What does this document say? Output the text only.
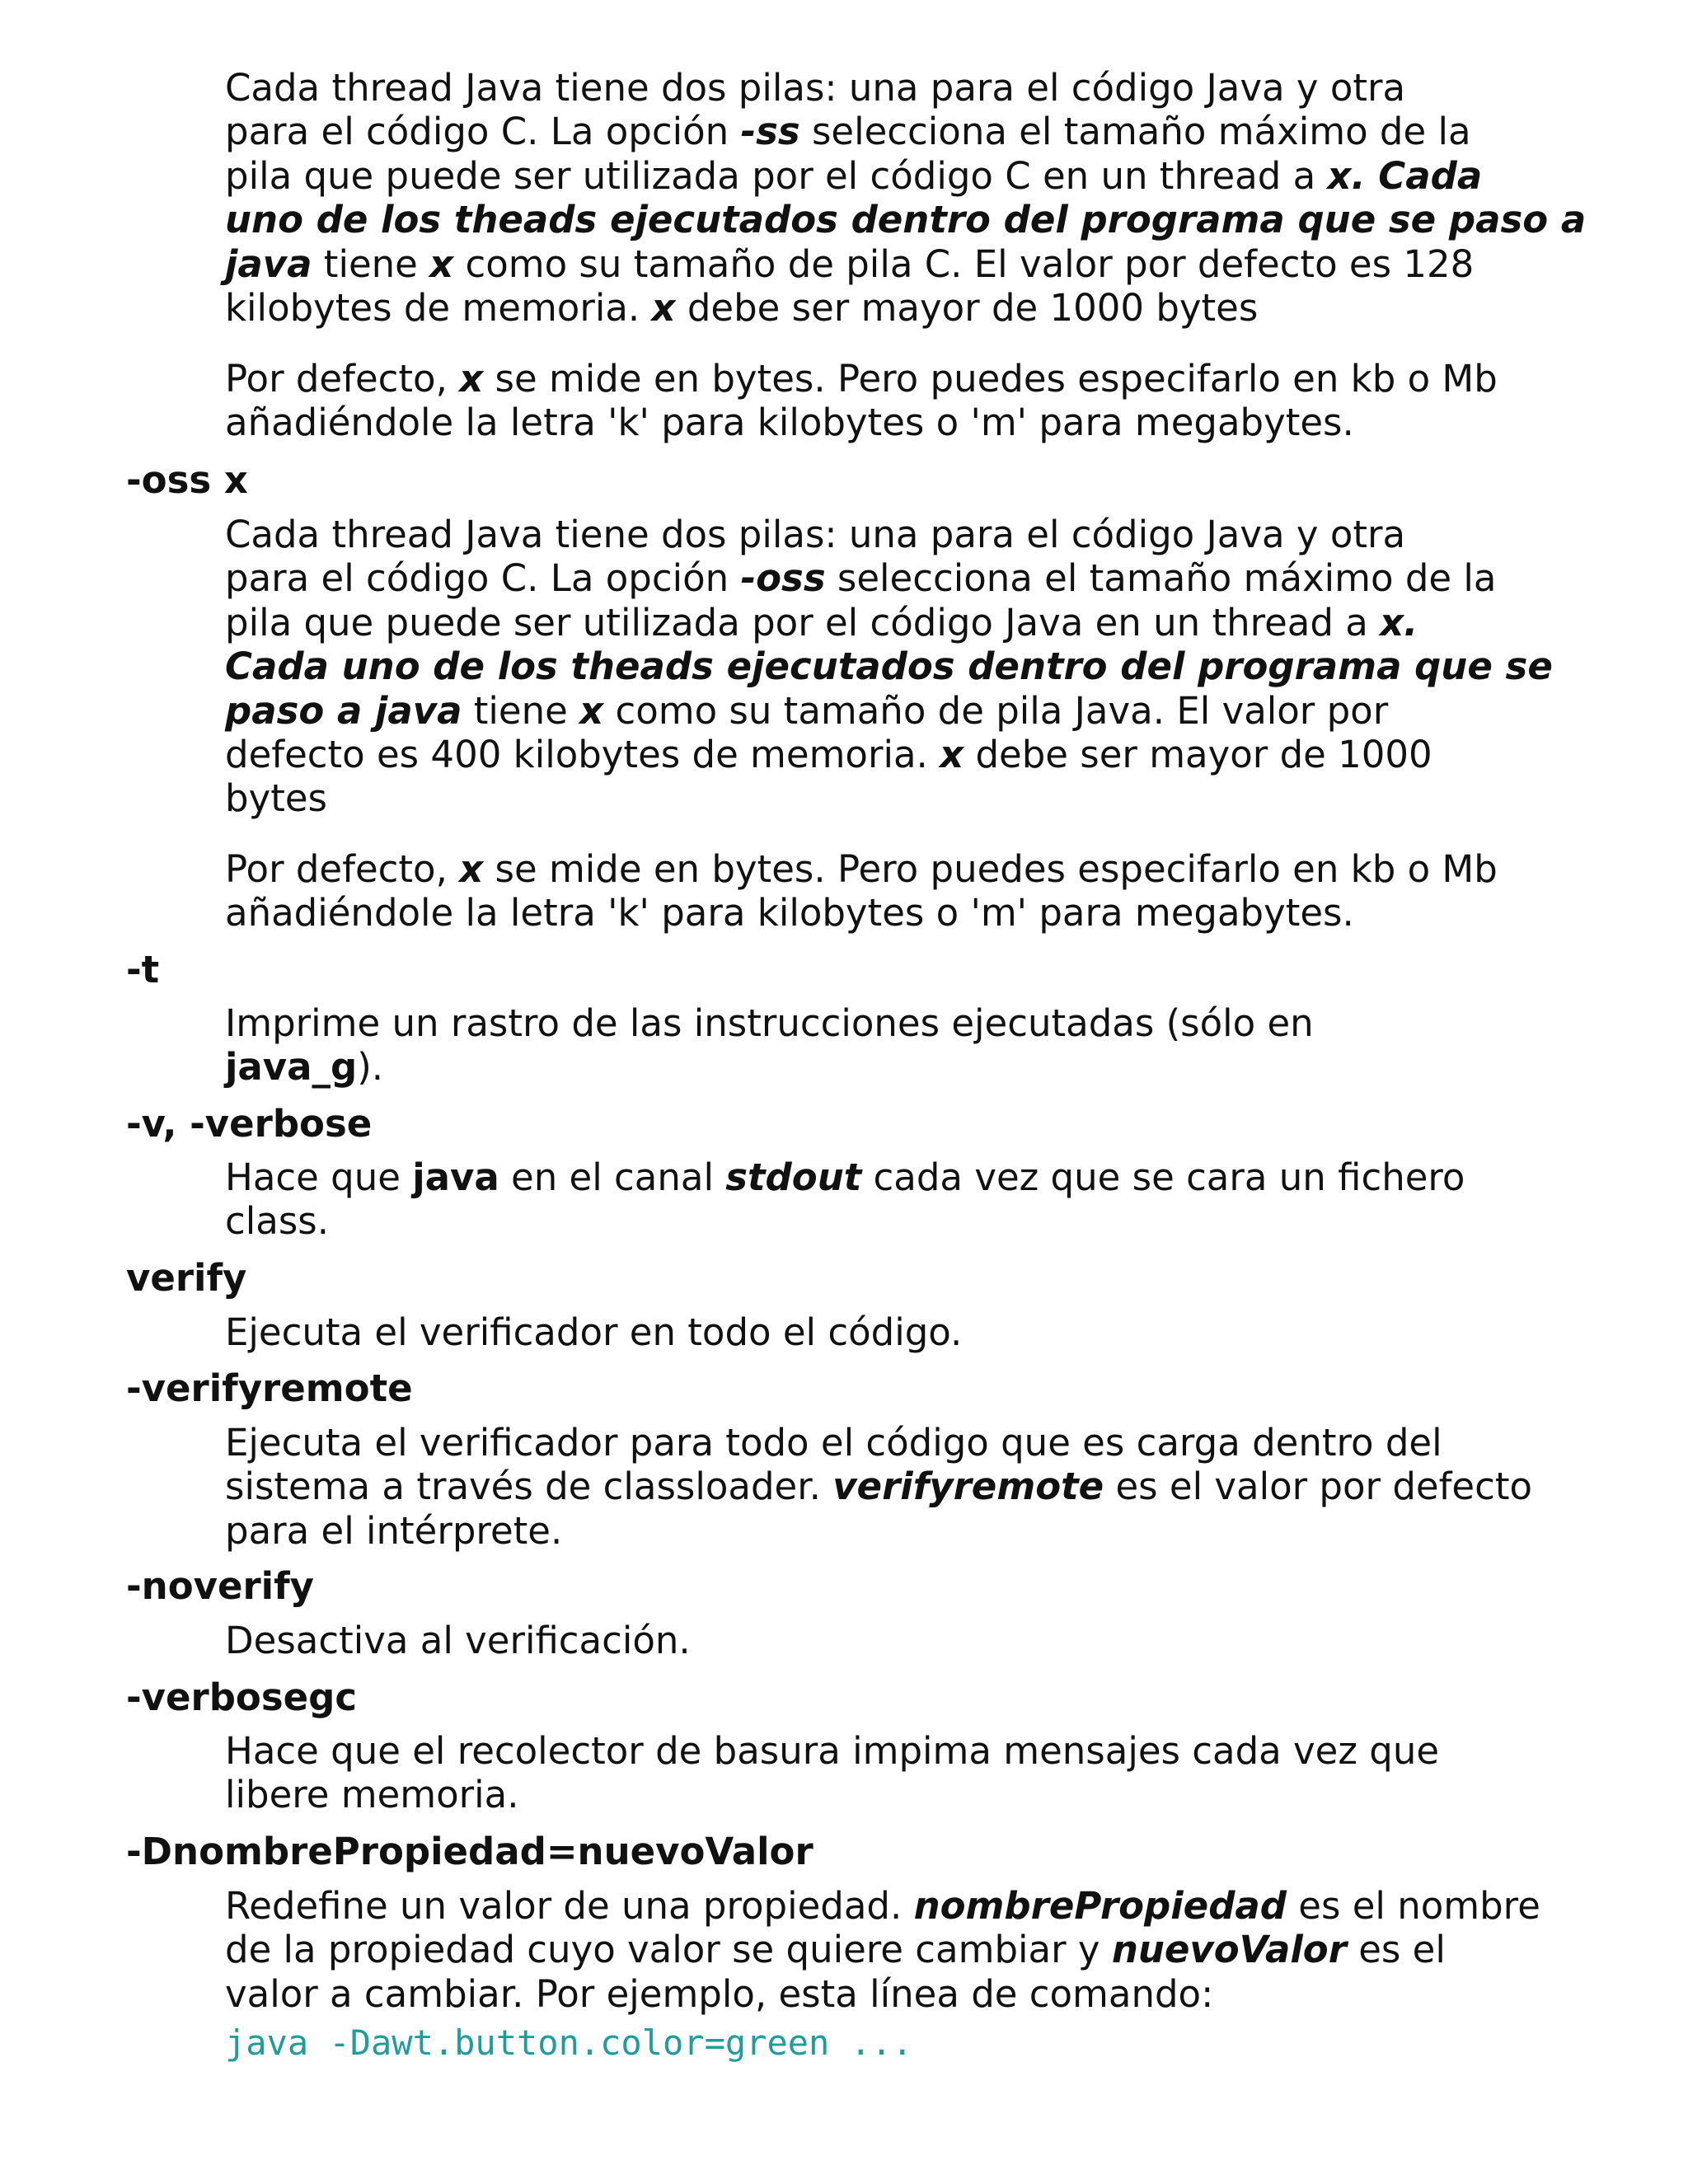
Cada thread Java tiene dos pilas: una para el código Java y otra
para el código C. La opción -ss selecciona el tamaño máximo de la
pila que puede ser utilizada por el código C en un thread a x. Cada
uno de los theads ejecutados dentro del programa que se paso a
java tiene x como su tamaño de pila C. El valor por defecto es 128
kilobytes de memoria. x debe ser mayor de 1000 bytes

Por defecto, x se mide en bytes. Pero puedes especifarlo en kb o Mb
añadiéndole la letra 'k' para kilobytes o 'm' para megabytes.

-oss x

Cada thread Java tiene dos pilas: una para el código Java y otra
para el código C. La opción -oss selecciona el tamaño máximo de la
pila que puede ser utilizada por el código Java en un thread a x.
Cada uno de los theads ejecutados dentro del programa que se
paso a java tiene x como su tamaño de pila Java. El valor por
defecto es 400 kilobytes de memoria. x debe ser mayor de 1000
bytes

Por defecto, x se mide en bytes. Pero puedes especifarlo en kb o Mb
añadiéndole la letra 'k' para kilobytes o 'm' para megabytes.

-t

Imprime un rastro de las instrucciones ejecutadas (sólo en
java_g).

-v, -verbose

Hace que java en el canal stdout cada vez que se cara un fichero
class.

verify

Ejecuta el verificador en todo el código.

-verifyremote

Ejecuta el verificador para todo el código que es carga dentro del
sistema a través de classloader. verifyremote es el valor por defecto
para el intérprete.

-noverify

Desactiva al verificación.

-verbosegc

Hace que el recolector de basura impima mensajes cada vez que
libere memoria.

-DnombrePropiedad=nuevoValor

Redefine un valor de una propiedad. nombrePropiedad es el nombre
de la propiedad cuyo valor se quiere cambiar y nuevoValor es el
valor a cambiar. Por ejemplo, esta línea de comando:

java -Dawt.button.color=green ...
